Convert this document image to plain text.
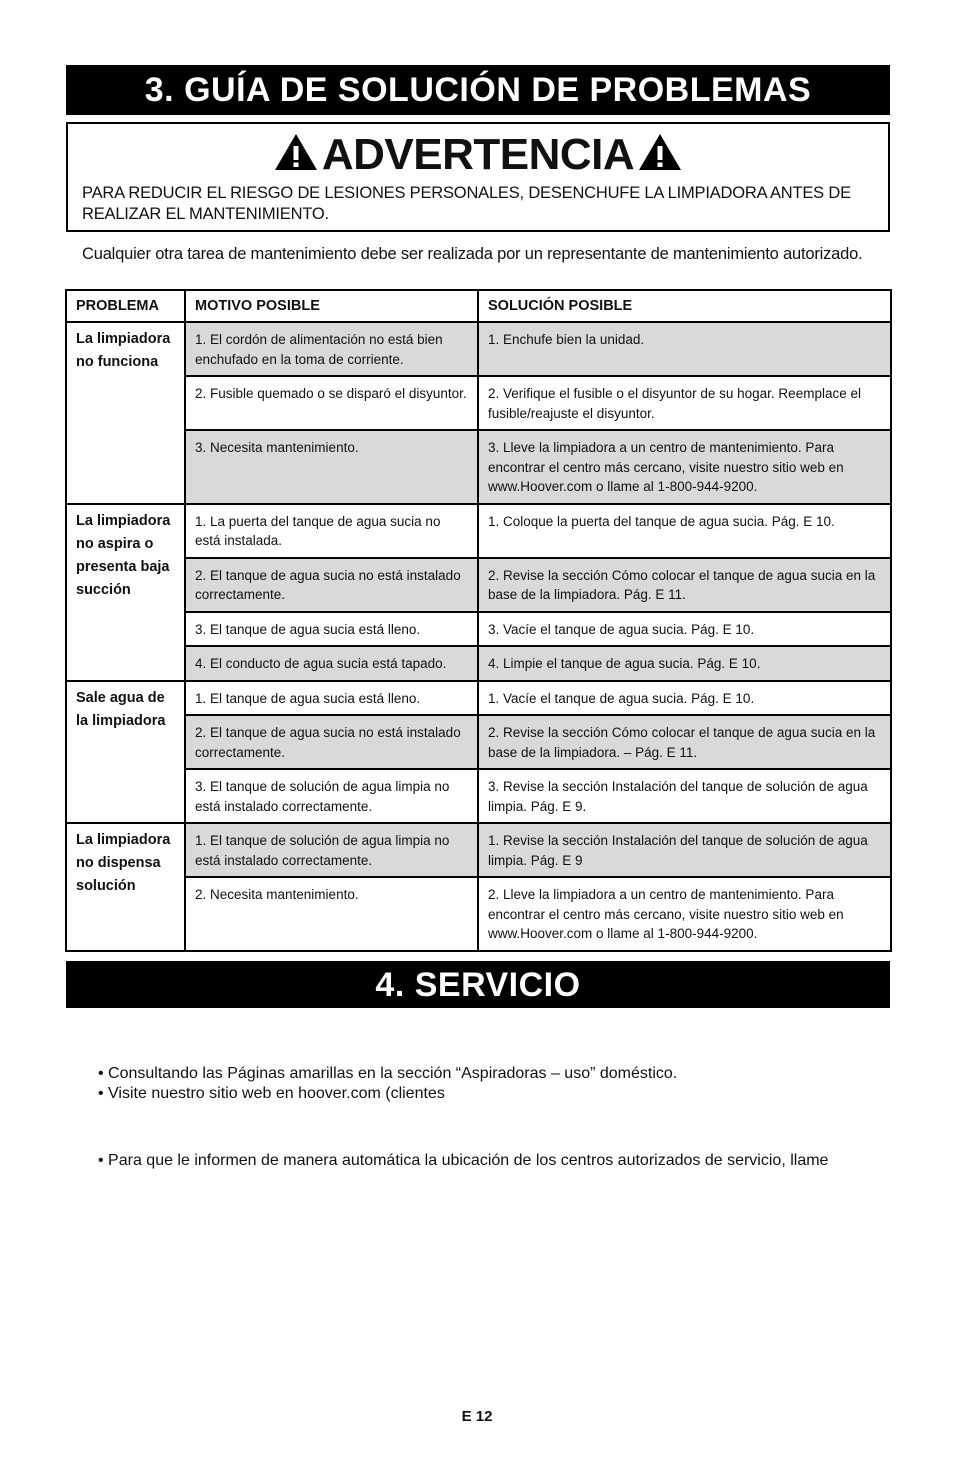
3. GUÍA DE SOLUCIÓN DE PROBLEMAS
ADVERTENCIA
PARA REDUCIR EL RIESGO DE LESIONES PERSONALES, DESENCHUFE LA LIMPIADORA ANTES DE REALIZAR EL MANTENIMIENTO.
Cualquier otra tarea de mantenimiento debe ser realizada por un representante de mantenimiento autorizado.
PROBLEMA	MOTIVO POSIBLE	SOLUCIÓN POSIBLE
La limpiadora no funciona	1. El cordón de alimentación no está bien enchufado en la toma de corriente.	1. Enchufe bien la unidad.
	2. Fusible quemado o se disparó el disyuntor.	2. Verifique el fusible o el disyuntor de su hogar. Reemplace el fusible/reajuste el disyuntor.
	3. Necesita mantenimiento.	3. Lleve la limpiadora a un centro de mantenimiento. Para encontrar el centro más cercano, visite nuestro sitio web en www.Hoover.com o llame al 1-800-944-9200.
La limpiadora no aspira o presenta baja succión	1. La puerta del tanque de agua sucia no está instalada.	1. Coloque la puerta del tanque de agua sucia. Pág. E 10.
	2. El tanque de agua sucia no está instalado correctamente.	2. Revise la sección Cómo colocar el tanque de agua sucia en la base de la limpiadora. Pág. E 11.
	3. El tanque de agua sucia está lleno.	3. Vacíe el tanque de agua sucia. Pág. E 10.
	4. El conducto de agua sucia está tapado.	4. Limpie el tanque de agua sucia. Pág. E 10.
Sale agua de la limpiadora	1. El tanque de agua sucia está lleno.	1. Vacíe el tanque de agua sucia. Pág. E 10.
	2. El tanque de agua sucia no está instalado correctamente.	2. Revise la sección Cómo colocar el tanque de agua sucia en la base de la limpiadora. – Pág. E 11.
	3. El tanque de solución de agua limpia no está instalado correctamente.	3. Revise la sección Instalación del tanque de solución de agua limpia. Pág. E 9.
La limpiadora no dispensa solución	1. El tanque de solución de agua limpia no está instalado correctamente.	1. Revise la sección Instalación del tanque de solución de agua limpia. Pág. E 9
	2. Necesita mantenimiento.	2. Lleve la limpiadora a un centro de mantenimiento. Para encontrar el centro más cercano, visite nuestro sitio web en www.Hoover.com o llame al 1-800-944-9200.
4. SERVICIO
• Consultando las Páginas amarillas en la sección “Aspiradoras – uso” doméstico.
• Visite nuestro sitio web en hoover.com (clientes
• Para que le informen de manera automática la ubicación de los centros autorizados de servicio, llame
E 12
